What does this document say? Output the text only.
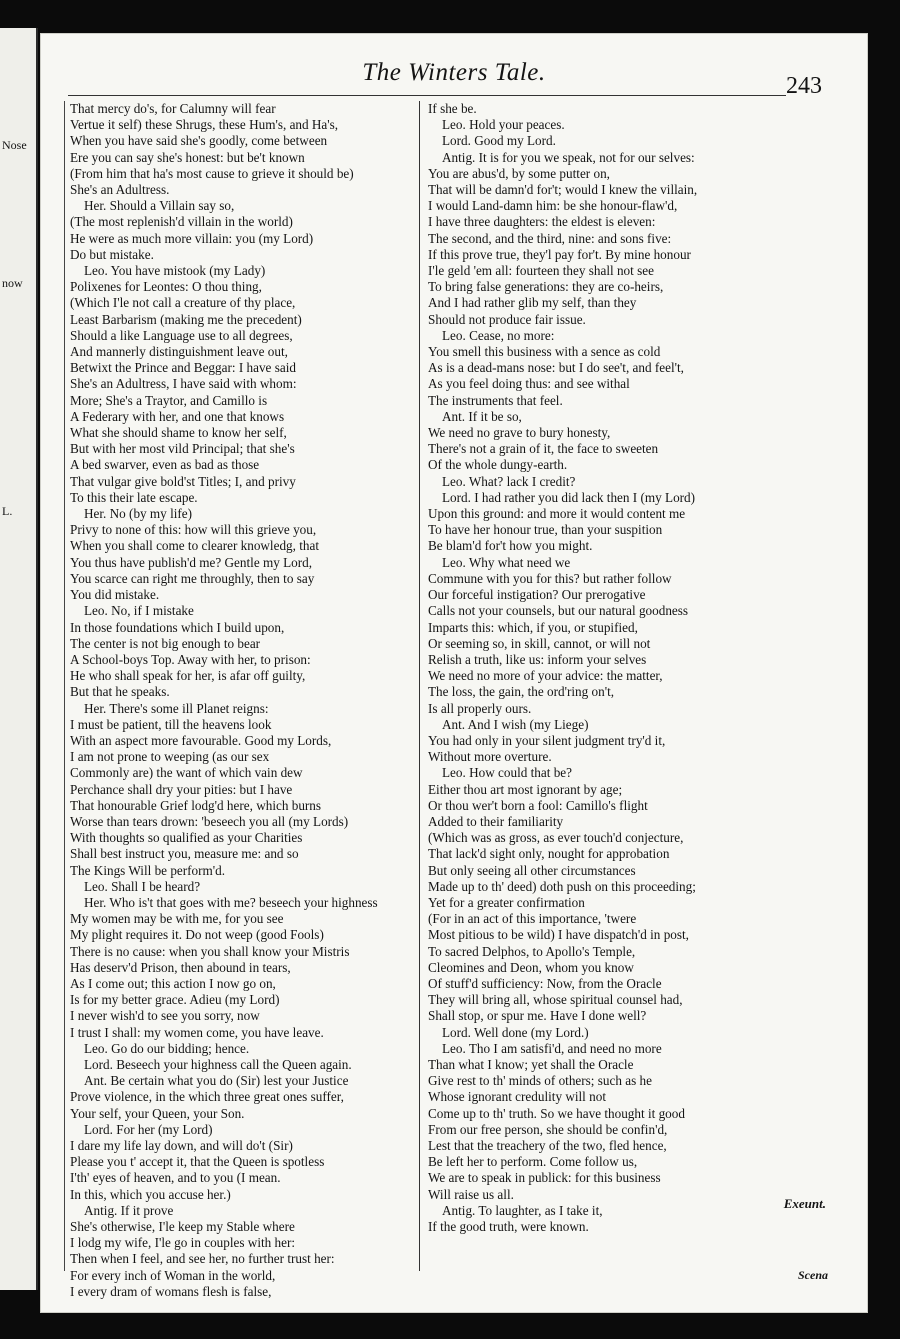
Nose
now
L.
The Winters Tale.	243
That mercy do's, for Calumny will fear
Vertue it self) these Shrugs, these Hum's, and Ha's,
When you have said she's goodly, come between
Ere you can say she's honest: but be't known
(From him that ha's most cause to grieve it should be)
She's an Adultress.
Her. Should a Villain say so,
(The most replenish'd villain in the world)
He were as much more villain: you (my Lord)
Do but mistake.
Leo. You have mistook (my Lady)
Polixenes for Leontes: O thou thing,
(Which I'le not call a creature of thy place,
Least Barbarism (making me the precedent)
Should a like Language use to all degrees,
And mannerly distinguishment leave out,
Betwixt the Prince and Beggar: I have said
She's an Adultress, I have said with whom:
More; She's a Traytor, and Camillo is
A Federary with her, and one that knows
What she should shame to know her self,
But with her most vild Principal; that she's
A bed swarver, even as bad as those
That vulgar give bold'st Titles; I, and privy
To this their late escape.
Her. No (by my life)
Privy to none of this: how will this grieve you,
When you shall come to clearer knowledg, that
You thus have publish'd me? Gentle my Lord,
You scarce can right me throughly, then to say
You did mistake.
Leo. No, if I mistake
In those foundations which I build upon,
The center is not big enough to bear
A School-boys Top. Away with her, to prison:
He who shall speak for her, is afar off guilty,
But that he speaks.
Her. There's some ill Planet reigns:
I must be patient, till the heavens look
With an aspect more favourable. Good my Lords,
I am not prone to weeping (as our sex
Commonly are) the want of which vain dew
Perchance shall dry your pities: but I have
That honourable Grief lodg'd here, which burns
Worse than tears drown: 'beseech you all (my Lords)
With thoughts so qualified as your Charities
Shall best instruct you, measure me: and so
The Kings Will be perform'd.
Leo. Shall I be heard?
Her. Who is't that goes with me? beseech your highness
My women may be with me, for you see
My plight requires it. Do not weep (good Fools)
There is no cause: when you shall know your Mistris
Has deserv'd Prison, then abound in tears,
As I come out; this action I now go on,
Is for my better grace. Adieu (my Lord)
I never wish'd to see you sorry, now
I trust I shall: my women come, you have leave.
Leo. Go do our bidding; hence.
Lord. Beseech your highness call the Queen again.
Ant. Be certain what you do (Sir) lest your Justice
Prove violence, in the which three great ones suffer,
Your self, your Queen, your Son.
Lord. For her (my Lord)
I dare my life lay down, and will do't (Sir)
Please you t' accept it, that the Queen is spotless
I'th' eyes of heaven, and to you (I mean.
In this, which you accuse her.)
Antig. If it prove
She's otherwise, I'le keep my Stable where
I lodg my wife, I'le go in couples with her:
Then when I feel, and see her, no further trust her:
For every inch of Woman in the world,
I every dram of womans flesh is false,
If she be.
Leo. Hold your peaces.
Lord. Good my Lord.
Antig. It is for you we speak, not for our selves:
You are abus'd, by some putter on,
That will be damn'd for't; would I knew the villain,
I would Land-damn him: be she honour-flaw'd,
I have three daughters: the eldest is eleven:
The second, and the third, nine: and sons five:
If this prove true, they'l pay for't. By mine honour
I'le geld 'em all: fourteen they shall not see
To bring false generations: they are co-heirs,
And I had rather glib my self, than they
Should not produce fair issue.
Leo. Cease, no more:
You smell this business with a sence as cold
As is a dead-mans nose: but I do see't, and feel't,
As you feel doing thus: and see withal
The instruments that feel.
Ant. If it be so,
We need no grave to bury honesty,
There's not a grain of it, the face to sweeten
Of the whole dungy-earth.
Leo. What? lack I credit?
Lord. I had rather you did lack then I (my Lord)
Upon this ground: and more it would content me
To have her honour true, than your suspition
Be blam'd for't how you might.
Leo. Why what need we
Commune with you for this? but rather follow
Our forceful instigation? Our prerogative
Calls not your counsels, but our natural goodness
Imparts this: which, if you, or stupified,
Or seeming so, in skill, cannot, or will not
Relish a truth, like us: inform your selves
We need no more of your advice: the matter,
The loss, the gain, the ord'ring on't,
Is all properly ours.
Ant. And I wish (my Liege)
You had only in your silent judgment try'd it,
Without more overture.
Leo. How could that be?
Either thou art most ignorant by age;
Or thou wer't born a fool: Camillo's flight
Added to their familiarity
(Which was as gross, as ever touch'd conjecture,
That lack'd sight only, nought for approbation
But only seeing all other circumstances
Made up to th' deed) doth push on this proceeding;
Yet for a greater confirmation
(For in an act of this importance, 'twere
Most pitious to be wild) I have dispatch'd in post,
To sacred Delphos, to Apollo's Temple,
Cleomines and Deon, whom you know
Of stuff'd sufficiency: Now, from the Oracle
They will bring all, whose spiritual counsel had,
Shall stop, or spur me. Have I done well?
Lord. Well done (my Lord.)
Leo. Tho I am satisfi'd, and need no more
Than what I know; yet shall the Oracle
Give rest to th' minds of others; such as he
Whose ignorant credulity will not
Come up to th' truth. So we have thought it good
From our free person, she should be confin'd,
Lest that the treachery of the two, fled hence,
Be left her to perform. Come follow us,
We are to speak in publick: for this business
Will raise us all.
Antig. To laughter, as I take it,
If the good truth, were known.
Exeunt.
Scena
